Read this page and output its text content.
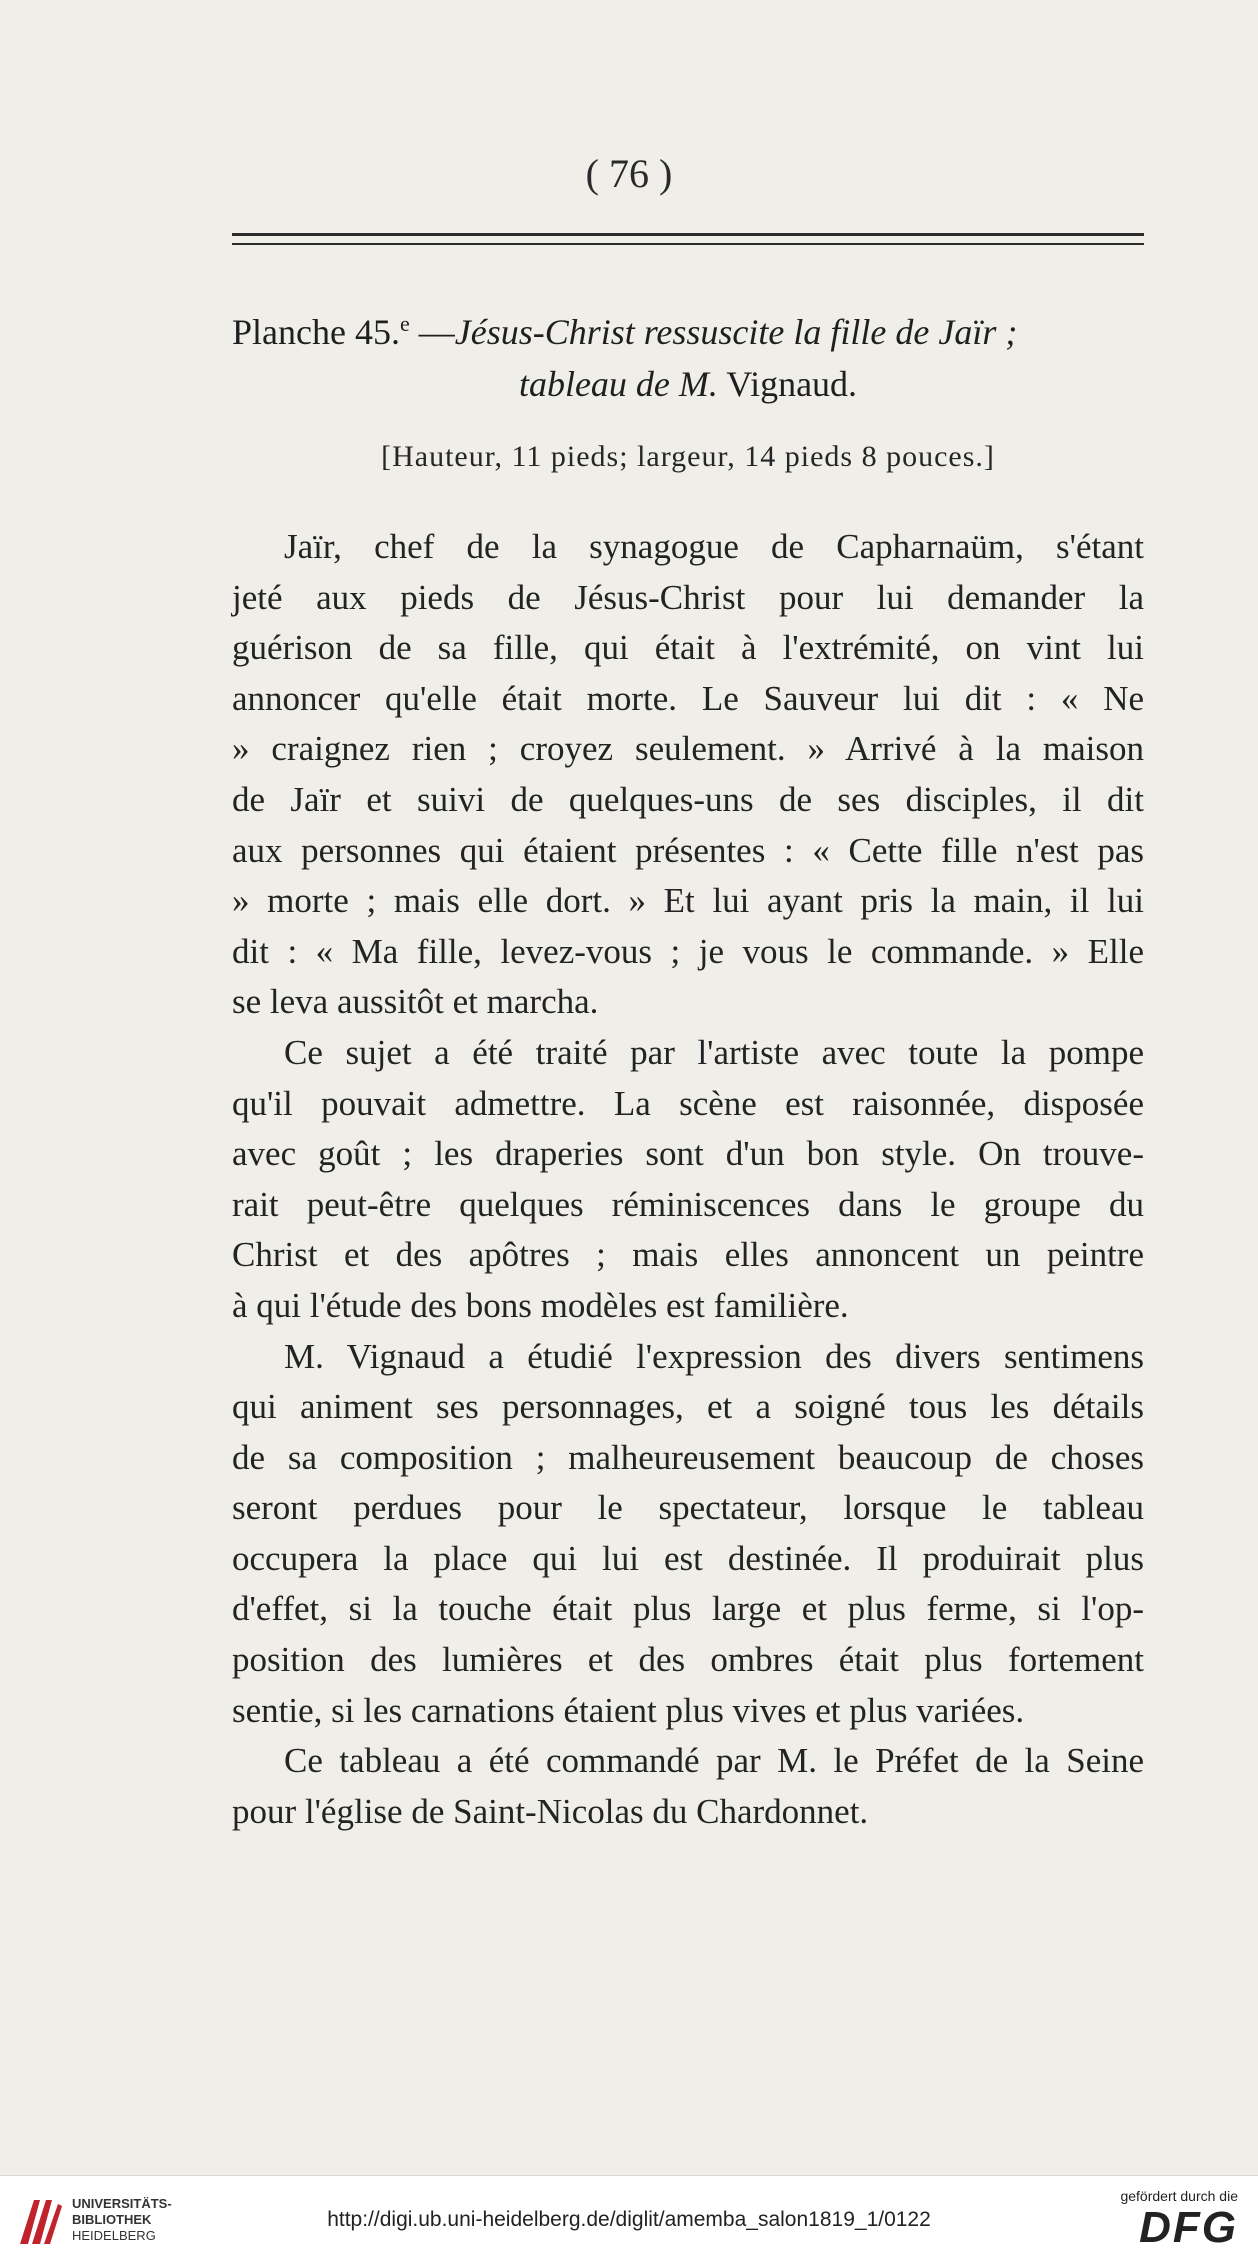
( 76 )
Planche 45.$^e$ —Jésus-Christ ressuscite la fille de Jaïr ;
tableau de M. Vignaud.
[Hauteur, 11 pieds; largeur, 14 pieds 8 pouces.]
Jaïr, chef de la synagogue de Capharnaüm, s'étant
jeté aux pieds de Jésus-Christ pour lui demander la
guérison de sa fille, qui était à l'extrémité, on vint lui
annoncer qu'elle était morte. Le Sauveur lui dit : « Ne
» craignez rien ; croyez seulement. » Arrivé à la maison
de Jaïr et suivi de quelques-uns de ses disciples, il dit
aux personnes qui étaient présentes : « Cette fille n'est pas
» morte ; mais elle dort. » Et lui ayant pris la main, il lui
dit : « Ma fille, levez-vous ; je vous le commande. » Elle
se leva aussitôt et marcha.
Ce sujet a été traité par l'artiste avec toute la pompe
qu'il pouvait admettre. La scène est raisonnée, disposée
avec goût ; les draperies sont d'un bon style. On trouve-
rait peut-être quelques réminiscences dans le groupe du
Christ et des apôtres ; mais elles annoncent un peintre
à qui l'étude des bons modèles est familière.
M. Vignaud a étudié l'expression des divers sentimens
qui animent ses personnages, et a soigné tous les détails
de sa composition ; malheureusement beaucoup de choses
seront perdues pour le spectateur, lorsque le tableau
occupera la place qui lui est destinée. Il produirait plus
d'effet, si la touche était plus large et plus ferme, si l'op-
position des lumières et des ombres était plus fortement
sentie, si les carnations étaient plus vives et plus variées.
Ce tableau a été commandé par M. le Préfet de la Seine
pour l'église de Saint-Nicolas du Chardonnet.
UNIVERSITÄTS-
BIBLIOTHEK
HEIDELBERG
http://digi.ub.uni-heidelberg.de/diglit/amemba_salon1819_1/0122
gefördert durch die
DFG
